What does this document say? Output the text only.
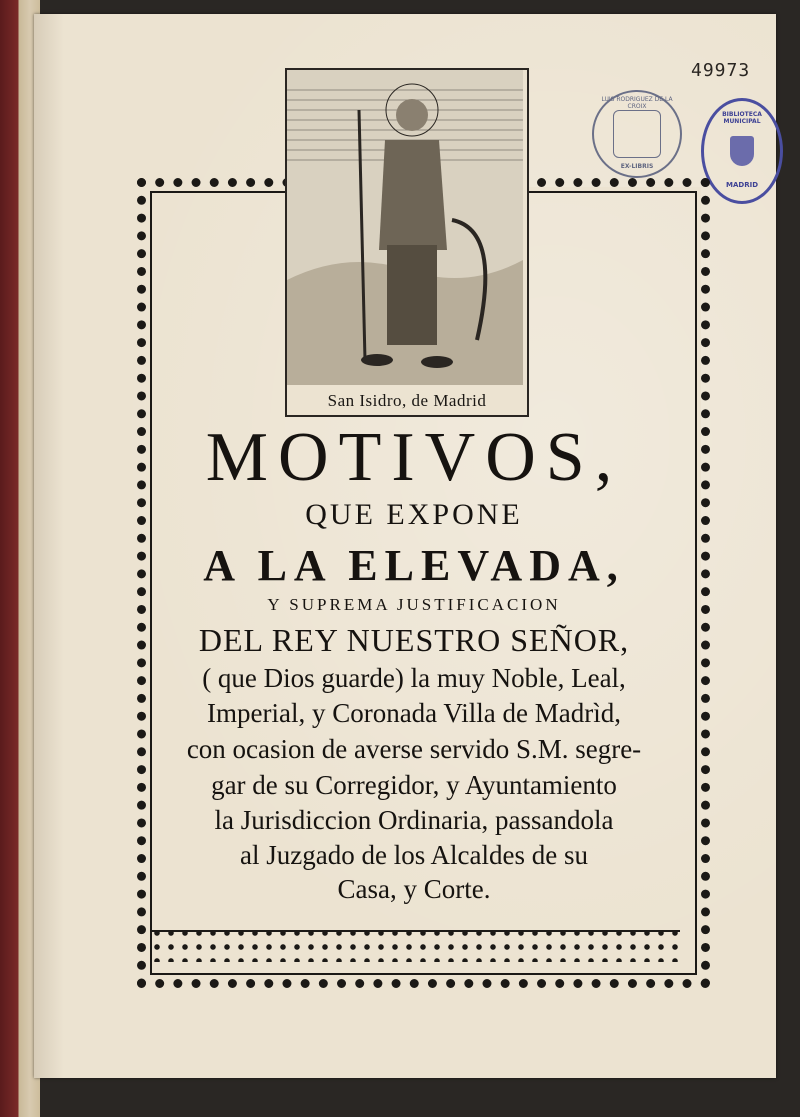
49973
LUIS RODRIGUEZ DE LA CROIX
EX-LIBRIS
BIBLIOTECA MUNICIPAL
MADRID
San Isidro, de Madrid
MOTIVOS,
QUE EXPONE
A LA ELEVADA,
Y SUPREMA JUSTIFICACION
DEL REY NUESTRO SEÑOR,
( que Dios guarde) la muy Noble, Leal,
Imperial, y Coronada Villa de Madrìd,
con ocasion de averse servido S.M. segre-
gar de su Corregidor, y Ayuntamiento
la Jurisdiccion Ordinaria, passandola
al Juzgado de los Alcaldes de su
Casa, y Corte.
